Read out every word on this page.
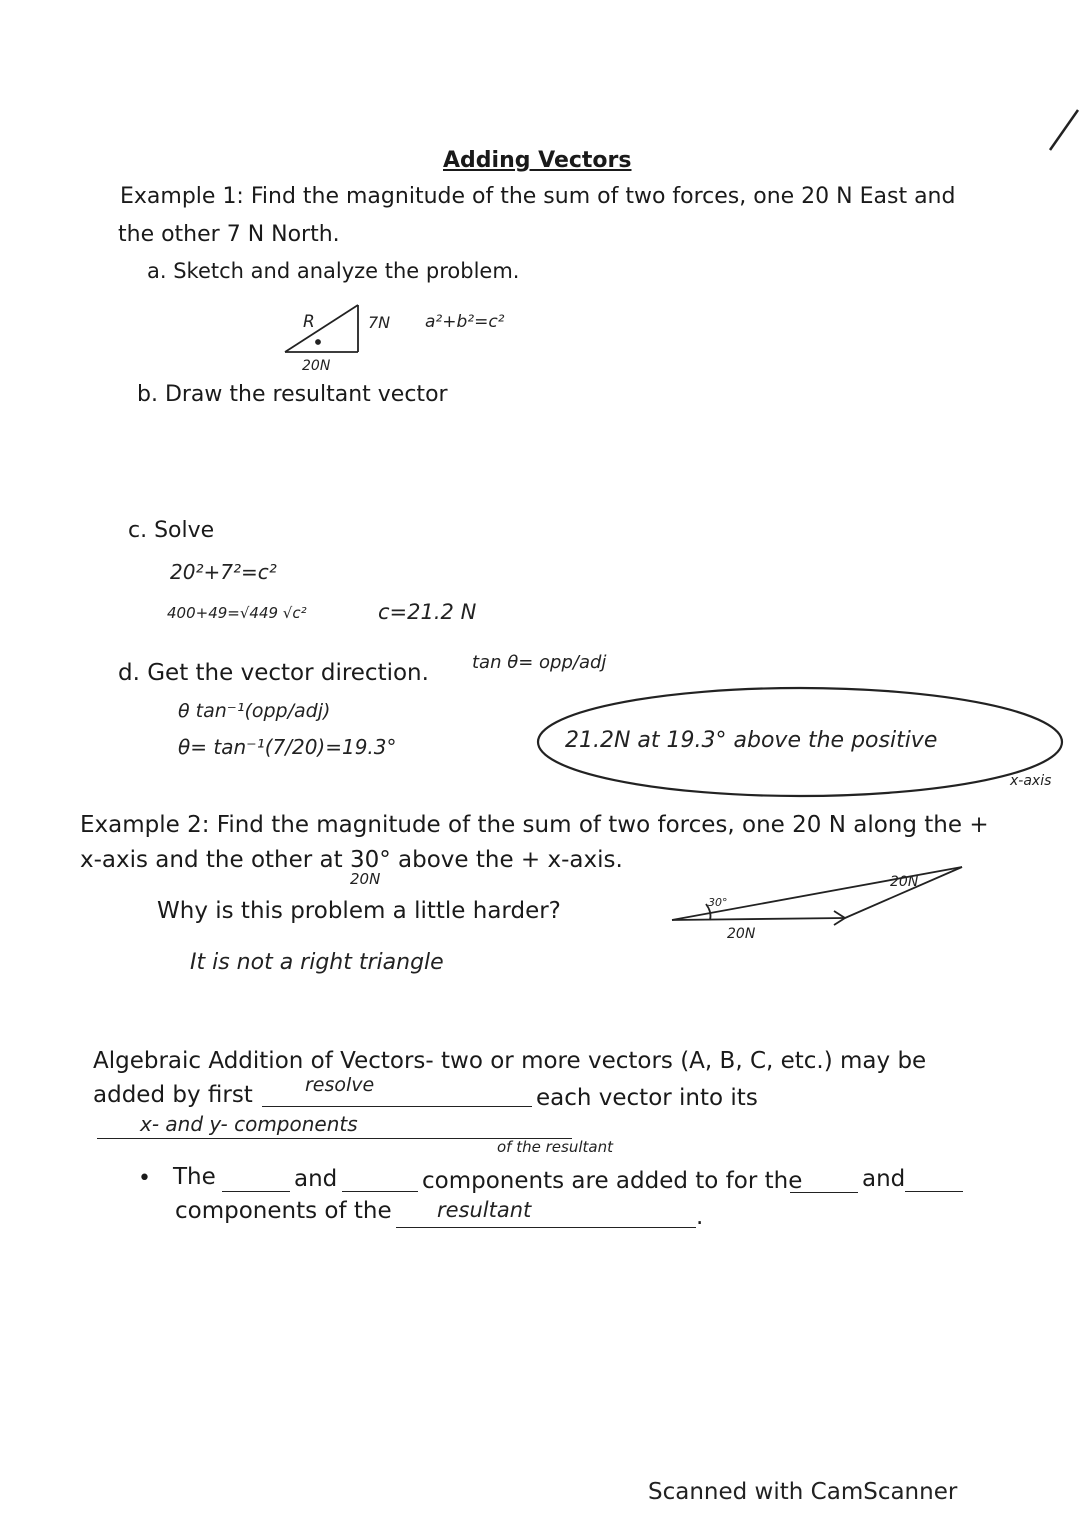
Adding Vectors
Example 1: Find the magnitude of the sum of two forces, one 20 N East and
the other 7 N North.
a. Sketch and analyze the problem.
b. Draw the resultant vector
c. Solve
d. Get the vector direction.
Example 2: Find the magnitude of the sum of two forces, one 20 N along the +
x-axis and the other at 30° above the + x-axis.
Why is this problem a little harder?
Algebraic Addition of Vectors- two or more vectors (A, B, C, etc.) may be
added by first	each vector into its
• The	and	components are added to for the	and
components of the	.
Scanned with CamScanner
R	7N a²+b²=c²
20N
20²+7²=c²
400+49=√449 √c²	c=21.2 N
tan θ= opp/adj
θ tan⁻¹(opp/adj)
θ= tan⁻¹(7/20)=19.3°	21.2N at 19.3° above the positive
x-axis
20N	20N
20N
30°
It is not a right triangle
resolve
x- and y- components
of the resultant
resultant
